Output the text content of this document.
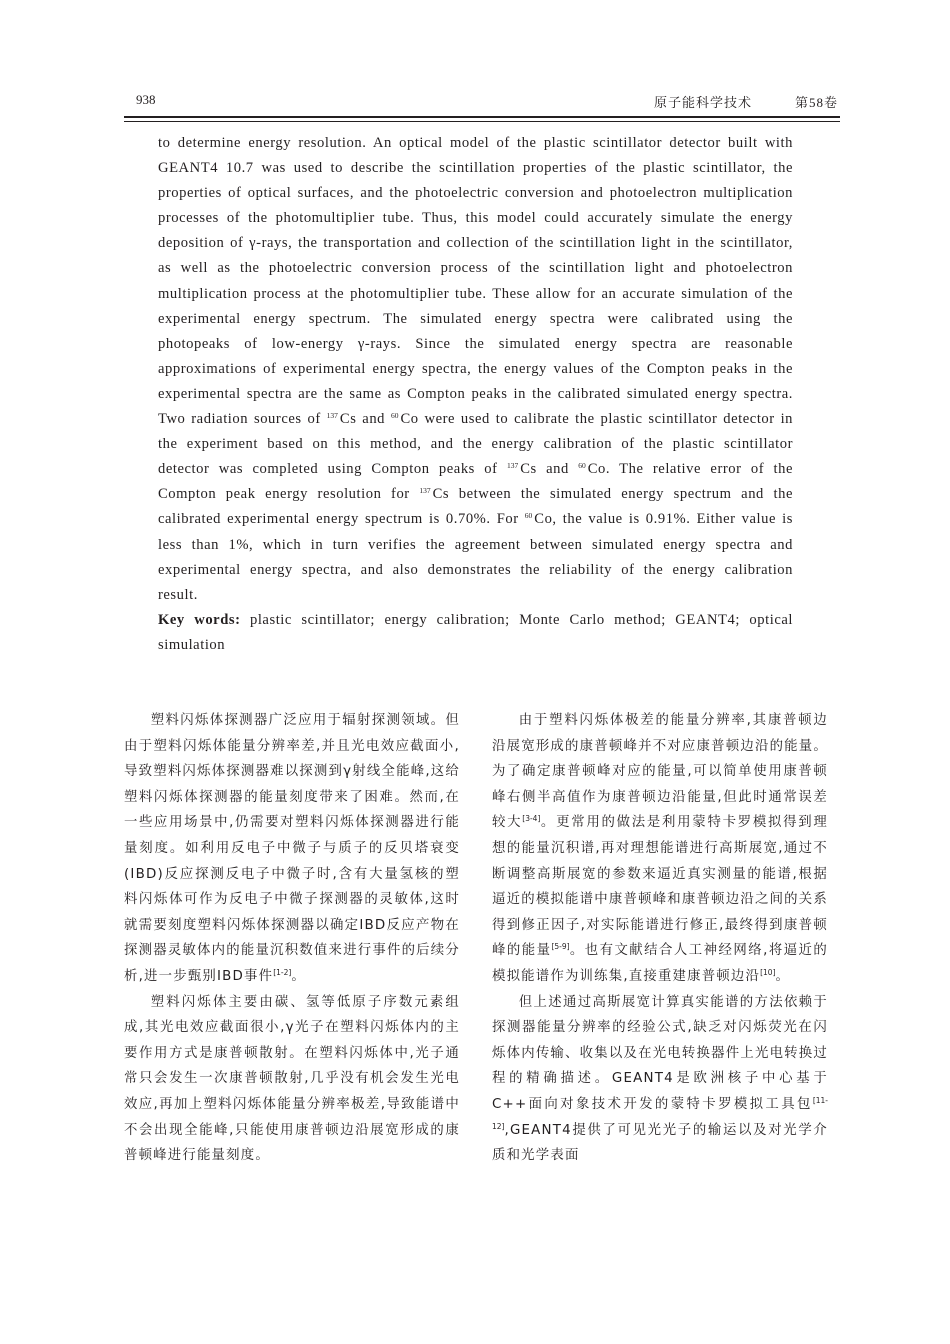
938	原子能科学技术	第58卷

to determine energy resolution. An optical model of the plastic scintillator detector built with GEANT4 10.7 was used to describe the scintillation properties of the plastic scintillator, the properties of optical surfaces, and the photoelectric conversion and photoelectron multiplication processes of the photomultiplier tube. Thus, this model could accurately simulate the energy deposition of γ-rays, the transportation and collection of the scintillation light in the scintillator, as well as the photoelectric conversion process of the scintillation light and photoelectron multiplication process at the photomultiplier tube. These allow for an accurate simulation of the experimental energy spectrum. The simulated energy spectra were calibrated using the photopeaks of low-energy γ-rays. Since the simulated energy spectra are reasonable approximations of experimental energy spectra, the energy values of the Compton peaks in the experimental spectra are the same as Compton peaks in the calibrated simulated energy spectra. Two radiation sources of $^{137}$ Cs and $^{60}$ Co were used to calibrate the plastic scintillator detector in the experiment based on this method, and the energy calibration of the plastic scintillator detector was completed using Compton peaks of $^{137}$ Cs and $^{60}$ Co. The relative error of the Compton peak energy resolution for $^{137}$ Cs between the simulated energy spectrum and the calibrated experimental energy spectrum is 0.70%. For $^{60}$ Co, the value is 0.91%. Either value is less than 1%, which in turn verifies the agreement between simulated energy spectra and experimental energy spectra, and also demonstrates the reliability of the energy calibration result.

Key words: plastic scintillator; energy calibration; Monte Carlo method; GEANT4; optical simulation

塑料闪烁体探测器广泛应用于辐射探测领域。但由于塑料闪烁体能量分辨率差,并且光电效应截面小,导致塑料闪烁体探测器难以探测到γ射线全能峰,这给塑料闪烁体探测器的能量刻度带来了困难。然而,在一些应用场景中,仍需要对塑料闪烁体探测器进行能量刻度。如利用反电子中微子与质子的反贝塔衰变(IBD)反应探测反电子中微子时,含有大量氢核的塑料闪烁体可作为反电子中微子探测器的灵敏体,这时就需要刻度塑料闪烁体探测器以确定IBD反应产物在探测器灵敏体内的能量沉积数值来进行事件的后续分析,进一步甄别IBD事件[1-2]。

塑料闪烁体主要由碳、氢等低原子序数元素组成,其光电效应截面很小,γ光子在塑料闪烁体内的主要作用方式是康普顿散射。在塑料闪烁体中,光子通常只会发生一次康普顿散射,几乎没有机会发生光电效应,再加上塑料闪烁体能量分辨率极差,导致能谱中不会出现全能峰,只能使用康普顿边沿展宽形成的康普顿峰进行能量刻度。

由于塑料闪烁体极差的能量分辨率,其康普顿边沿展宽形成的康普顿峰并不对应康普顿边沿的能量。为了确定康普顿峰对应的能量,可以简单使用康普顿峰右侧半高值作为康普顿边沿能量,但此时通常误差较大[3-4]。更常用的做法是利用蒙特卡罗模拟得到理想的能量沉积谱,再对理想能谱进行高斯展宽,通过不断调整高斯展宽的参数来逼近真实测量的能谱,根据逼近的模拟能谱中康普顿峰和康普顿边沿之间的关系得到修正因子,对实际能谱进行修正,最终得到康普顿峰的能量[5-9]。也有文献结合人工神经网络,将逼近的模拟能谱作为训练集,直接重建康普顿边沿[10]。

但上述通过高斯展宽计算真实能谱的方法依赖于探测器能量分辨率的经验公式,缺乏对闪烁荧光在闪烁体内传输、收集以及在光电转换器件上光电转换过程的精确描述。GEANT4是欧洲核子中心基于C++面向对象技术开发的蒙特卡罗模拟工具包[11-12],GEANT4提供了可见光光子的输运以及对光学介质和光学表面
